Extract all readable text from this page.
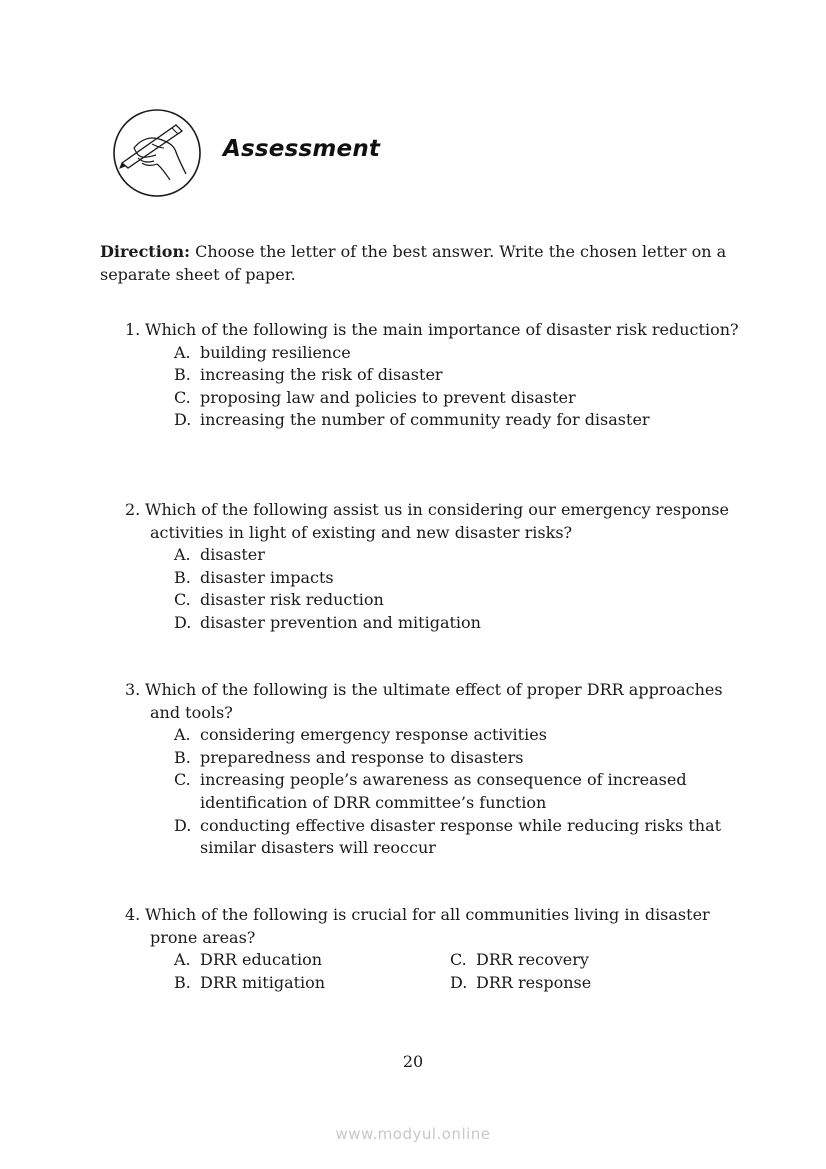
Assessment
Direction: Choose the letter of the best answer. Write the chosen letter on a separate sheet of paper.
1. Which of the following is the main importance of disaster risk reduction?
A. building resilience
B. increasing the risk of disaster
C. proposing law and policies to prevent disaster
D. increasing the number of community ready for disaster
2. Which of the following assist us in considering our emergency response activities in light of existing and new disaster risks?
A. disaster
B. disaster impacts
C. disaster risk reduction
D. disaster prevention and mitigation
3. Which of the following is the ultimate effect of proper DRR approaches and tools?
A. considering emergency response activities
B. preparedness and response to disasters
C. increasing people’s awareness as consequence of increased identification of DRR committee’s function
D. conducting effective disaster response while reducing risks that similar disasters will reoccur
4. Which of the following is crucial for all communities living in disaster prone areas?
A. DRR education	C. DRR recovery
B. DRR mitigation	D. DRR response
20
www.modyul.online
